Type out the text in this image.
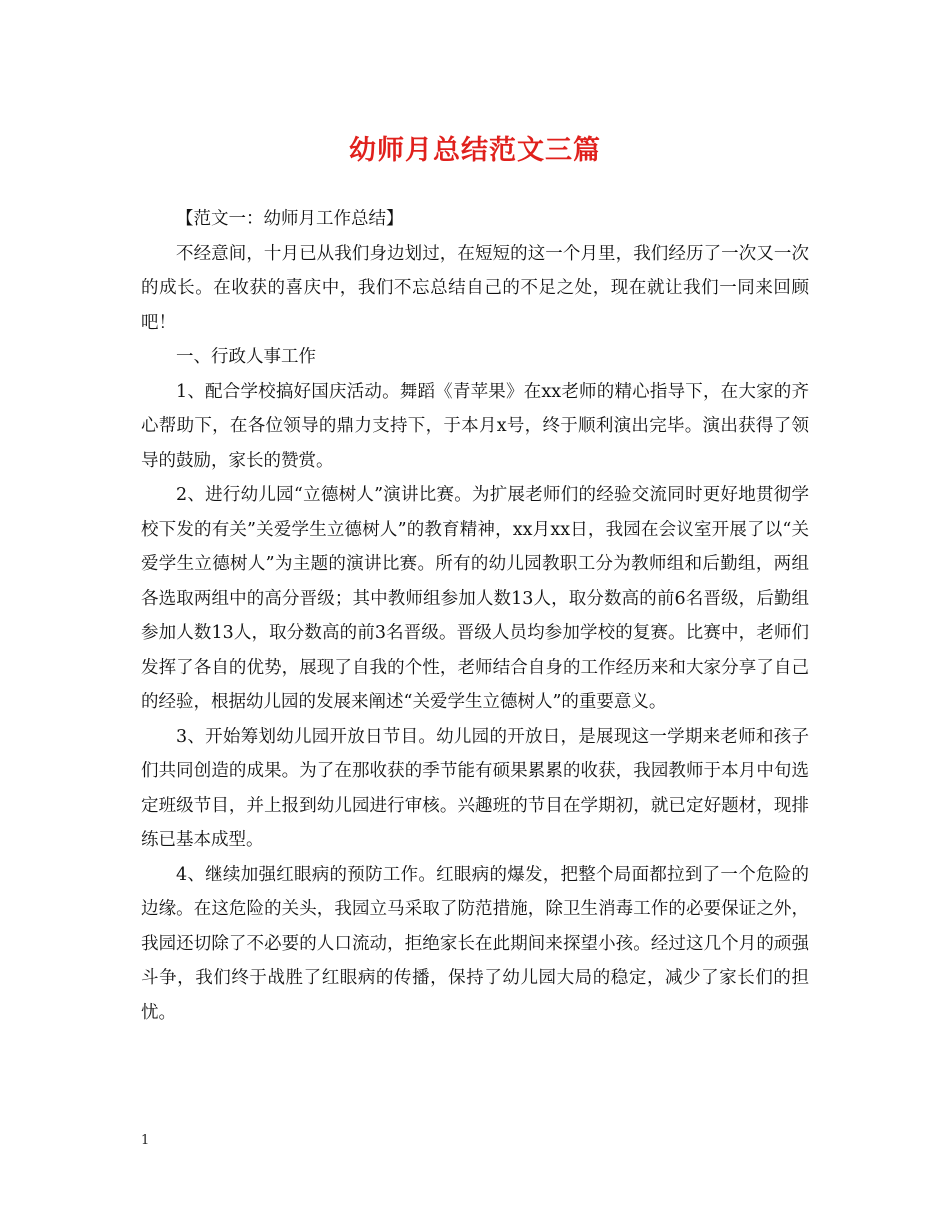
幼师月总结范文三篇

【范文一：幼师月工作总结】

不经意间，十月已从我们身边划过，在短短的这一个月里，我们经历了一次又一次的成长。在收获的喜庆中，我们不忘总结自己的不足之处，现在就让我们一同来回顾吧！

一、行政人事工作

1、配合学校搞好国庆活动。舞蹈《青苹果》在xx老师的精心指导下，在大家的齐心帮助下，在各位领导的鼎力支持下，于本月x号，终于顺利演出完毕。演出获得了领导的鼓励，家长的赞赏。

2、进行幼儿园“立德树人”演讲比赛。为扩展老师们的经验交流同时更好地贯彻学校下发的有关”关爱学生立德树人”的教育精神，xx月xx日，我园在会议室开展了以“关爱学生立德树人”为主题的演讲比赛。所有的幼儿园教职工分为教师组和后勤组，两组各选取两组中的高分晋级；其中教师组参加人数13人，取分数高的前6名晋级，后勤组参加人数13人，取分数高的前3名晋级。晋级人员均参加学校的复赛。比赛中，老师们发挥了各自的优势，展现了自我的个性，老师结合自身的工作经历来和大家分享了自己的经验，根据幼儿园的发展来阐述“关爱学生立德树人”的重要意义。

3、开始筹划幼儿园开放日节目。幼儿园的开放日，是展现这一学期来老师和孩子们共同创造的成果。为了在那收获的季节能有硕果累累的收获，我园教师于本月中旬选定班级节目，并上报到幼儿园进行审核。兴趣班的节目在学期初，就已定好题材，现排练已基本成型。

4、继续加强红眼病的预防工作。红眼病的爆发，把整个局面都拉到了一个危险的边缘。在这危险的关头，我园立马采取了防范措施，除卫生消毒工作的必要保证之外，我园还切除了不必要的人口流动，拒绝家长在此期间来探望小孩。经过这几个月的顽强斗争，我们终于战胜了红眼病的传播，保持了幼儿园大局的稳定，减少了家长们的担忧。

1
